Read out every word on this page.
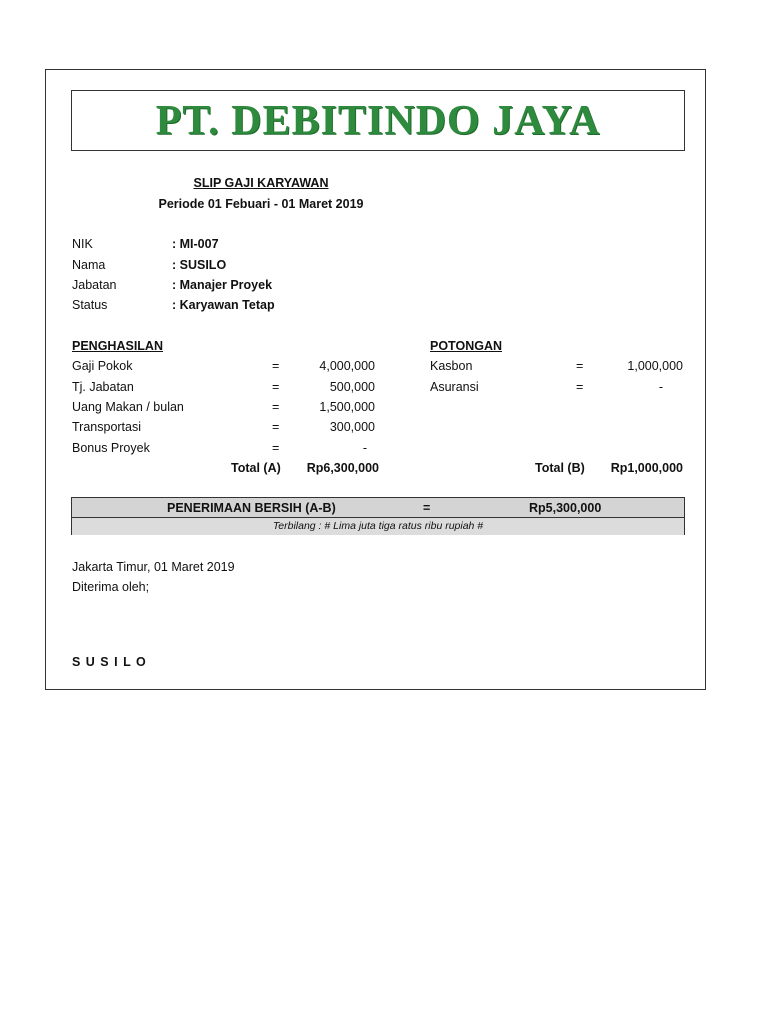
PT. DEBITINDO JAYA
SLIP GAJI KARYAWAN
Periode 01 Febuari - 01 Maret 2019
NIK	: MI-007
Nama	: SUSILO
Jabatan	: Manajer Proyek
Status	: Karyawan Tetap
PENGHASILAN
Gaji Pokok	=	4,000,000
Tj. Jabatan	=	500,000
Uang Makan / bulan	=	1,500,000
Transportasi	=	300,000
Bonus Proyek	=	-
Total (A)	Rp6,300,000
POTONGAN
Kasbon	=	1,000,000
Asuransi	=	-
Total (B)	Rp1,000,000
PENERIMAAN BERSIH (A-B)	=	Rp5,300,000
Terbilang : # Lima juta tiga ratus ribu rupiah #
Jakarta Timur, 01 Maret 2019
Diterima oleh;
S U S I L O
